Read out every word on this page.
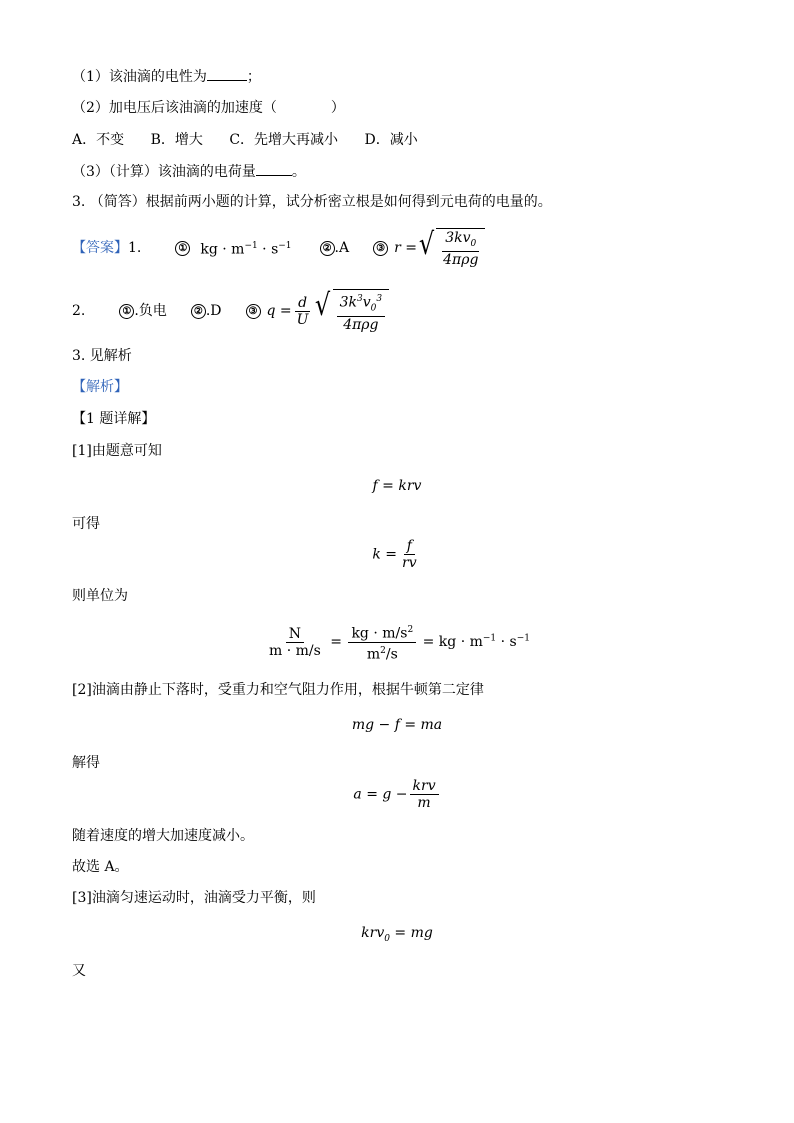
（1）该油滴的电性为	；
（2）加电压后该油滴的加速度（	）
A．不变 B．增大 C．先增大再减小 D．减小
（3）（计算）该油滴的电荷量	。
3. （简答）根据前两小题的计算，试分析密立根是如何得到元电荷的电量的。
【答案】 1.	① kg · $m^{-1} \cdot s^{-1}$	② .A	③ r = √ $\frac{3kv_0}{\text{4πρg}}$
2.	① .负电	② .D	③ $q = \frac{d}{U}$ √ $\frac{3k^3v_0^3}{\text{4πρg}}$
3. 见解析
【解析】
【1 题详解】
[1]由题意可知
f = krv
可得
$k = \frac{f}{rv}$
则单位为
$\frac{N}{m \cdot m/s} = \frac{kg \cdot m/s^2}{m^2/s}$ = kg · $m^{-1} \cdot s^{-1}$
[2]油滴由静止下落时，受重力和空气阻力作用，根据牛顿第二定律
mg − f = ma
解得
$a = g - \frac{\text{krv}}{m}$
随着速度的增大加速度减小。
故选 A。
[3]油滴匀速运动时，油滴受力平衡，则
krv$_0$ = mg
又
